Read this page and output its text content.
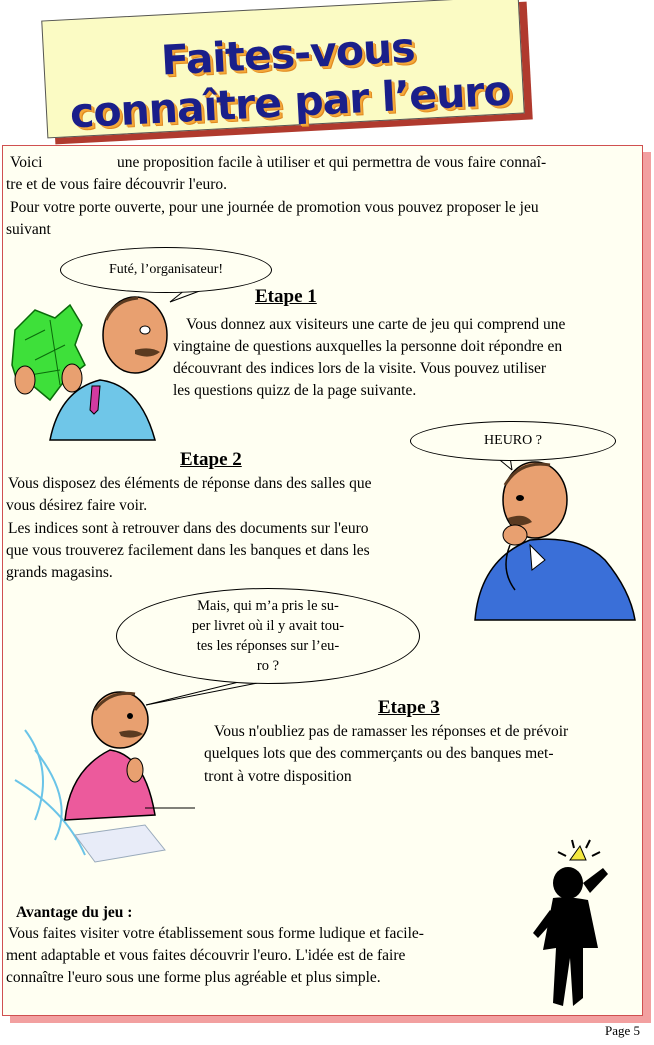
Faites-vous connaître par l’euro
Voici	une proposition facile à utiliser et qui permettra de vous faire connaî-
tre et de vous faire découvrir l'euro.
Pour votre porte ouverte, pour une journée de promotion vous pouvez proposer le jeu
suivant
Futé, l’organisateur!
Etape 1
Vous donnez aux visiteurs une carte de jeu qui comprend une
vingtaine de questions auxquelles la personne doit répondre en
découvrant des indices lors de la visite. Vous pouvez utiliser
les questions quizz de la page suivante.
HEURO ?
Etape 2
Vous disposez des éléments de réponse dans des salles que
vous désirez faire voir.
Les indices sont à retrouver dans des documents sur l'euro
que vous trouverez facilement dans les banques et dans les
grands magasins.
Mais, qui m’a pris le su-
per livret où il y avait tou-
tes les réponses sur l’eu-
ro ?
Etape 3
Vous n'oubliez pas de ramasser les réponses et de prévoir
quelques lots que des commerçants ou des banques met-
tront à votre disposition
Avantage du jeu :
Vous faites visiter votre établissement sous forme ludique et facile-
ment adaptable et vous faites découvrir l'euro. L'idée est de faire
connaître l'euro sous une forme plus agréable et plus simple.
Page 5
